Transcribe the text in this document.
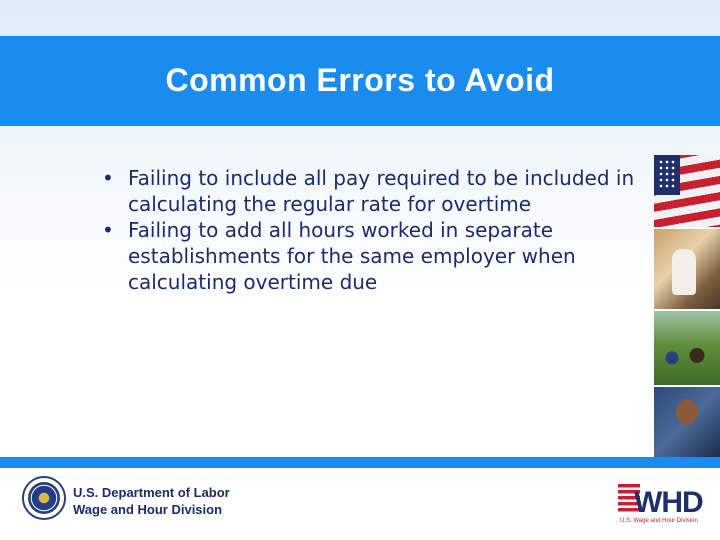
Common Errors to Avoid
• Failing to include all pay required to be included in calculating the regular rate for overtime
• Failing to add all hours worked in separate establishments for the same employer when calculating overtime due
U.S. Department of Labor
Wage and Hour Division	WHD
U.S. Wage and Hour Division
